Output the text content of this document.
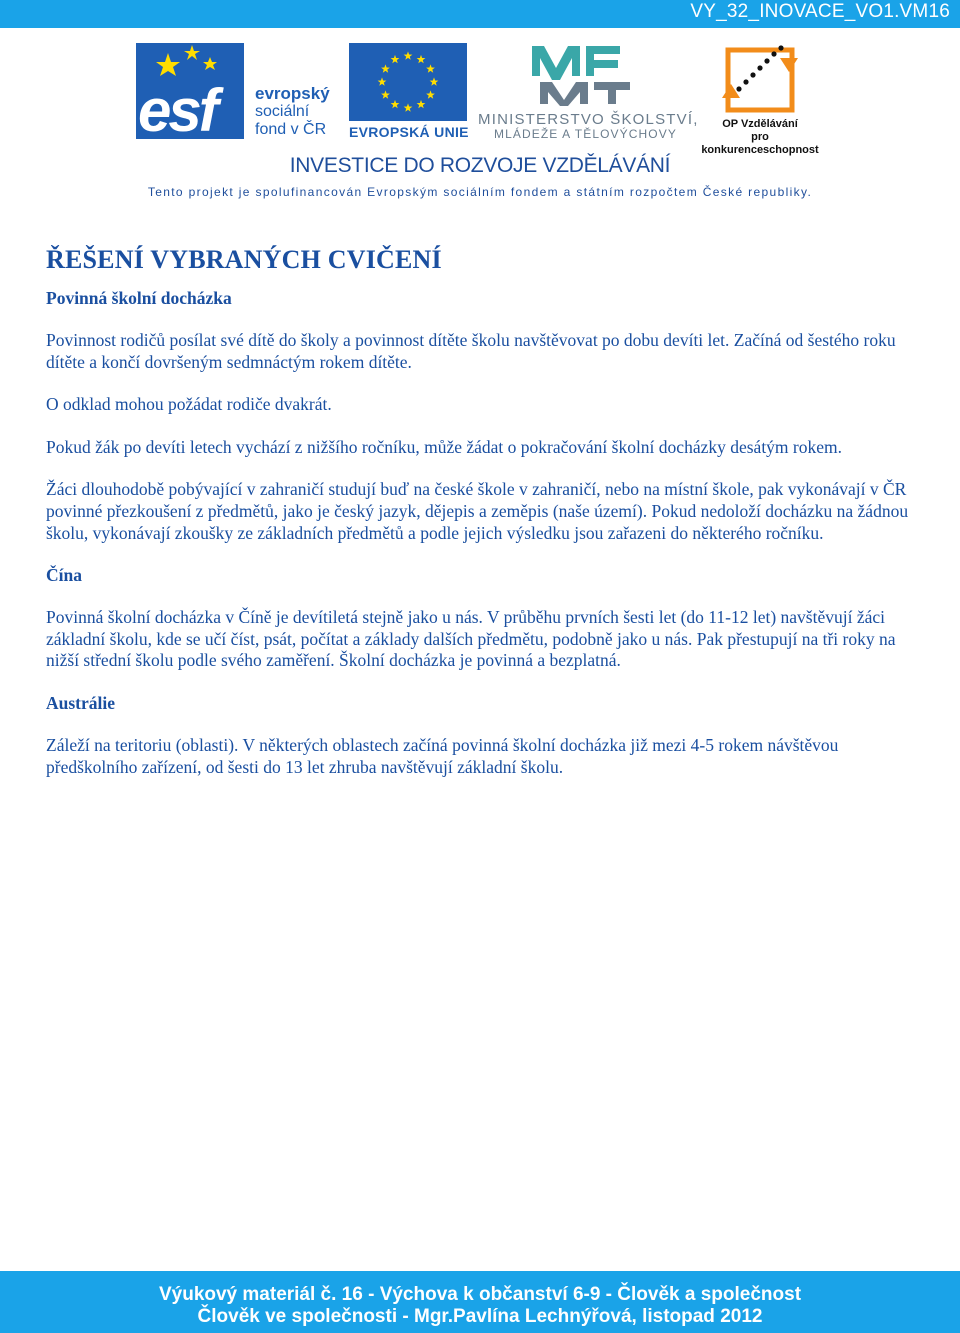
VY_32_INOVACE_VO1.VM16
esf evropský
sociální
fond v ČR EVROPSKÁ UNIE
MINISTERSTVO ŠKOLSTVÍ,
MLÁDEŽE A TĚLOVÝCHOVY
OP Vzdělávání
pro konkurenceschopnost
INVESTICE DO ROZVOJE VZDĚLÁVÁNÍ
Tento projekt je spolufinancován Evropským sociálním fondem a státním rozpočtem České republiky.
ŘEŠENÍ VYBRANÝCH CVIČENÍ
Povinná školní docházka

Povinnost rodičů posílat své dítě do školy a povinnost dítěte školu navštěvovat po dobu devíti let. Začíná od šestého roku dítěte a končí dovršeným sedmnáctým rokem dítěte.

O odklad mohou požádat rodiče dvakrát.

Pokud žák po devíti letech vychází z nižšího ročníku, může žádat o pokračování školní docházky desátým rokem.

Žáci dlouhodobě pobývající v zahraničí studují buď na české škole v zahraničí, nebo na místní škole, pak vykonávají v ČR povinné přezkoušení z předmětů, jako je český jazyk, dějepis a zeměpis (naše území). Pokud nedoloží docházku na žádnou školu, vykonávají zkoušky ze základních předmětů a podle jejich výsledku jsou zařazeni do některého ročníku.

Čína

Povinná školní docházka v Číně je devítiletá stejně jako u nás. V průběhu prvních šesti let (do 11-12 let) navštěvují žáci základní školu, kde se učí číst, psát, počítat a základy dalších předmětu, podobně jako u nás. Pak přestupují na tři roky na nižší střední školu podle svého zaměření. Školní docházka je povinná a bezplatná.

Austrálie

Záleží na teritoriu (oblasti). V některých oblastech začíná povinná školní docházka již mezi 4-5 rokem návštěvou předškolního zařízení, od šesti do 13 let zhruba navštěvují základní školu.

Výukový materiál č. 16 - Výchova k občanství 6-9 - Člověk a společnost
Člověk ve společnosti - Mgr.Pavlína Lechnýřová, listopad 2012
